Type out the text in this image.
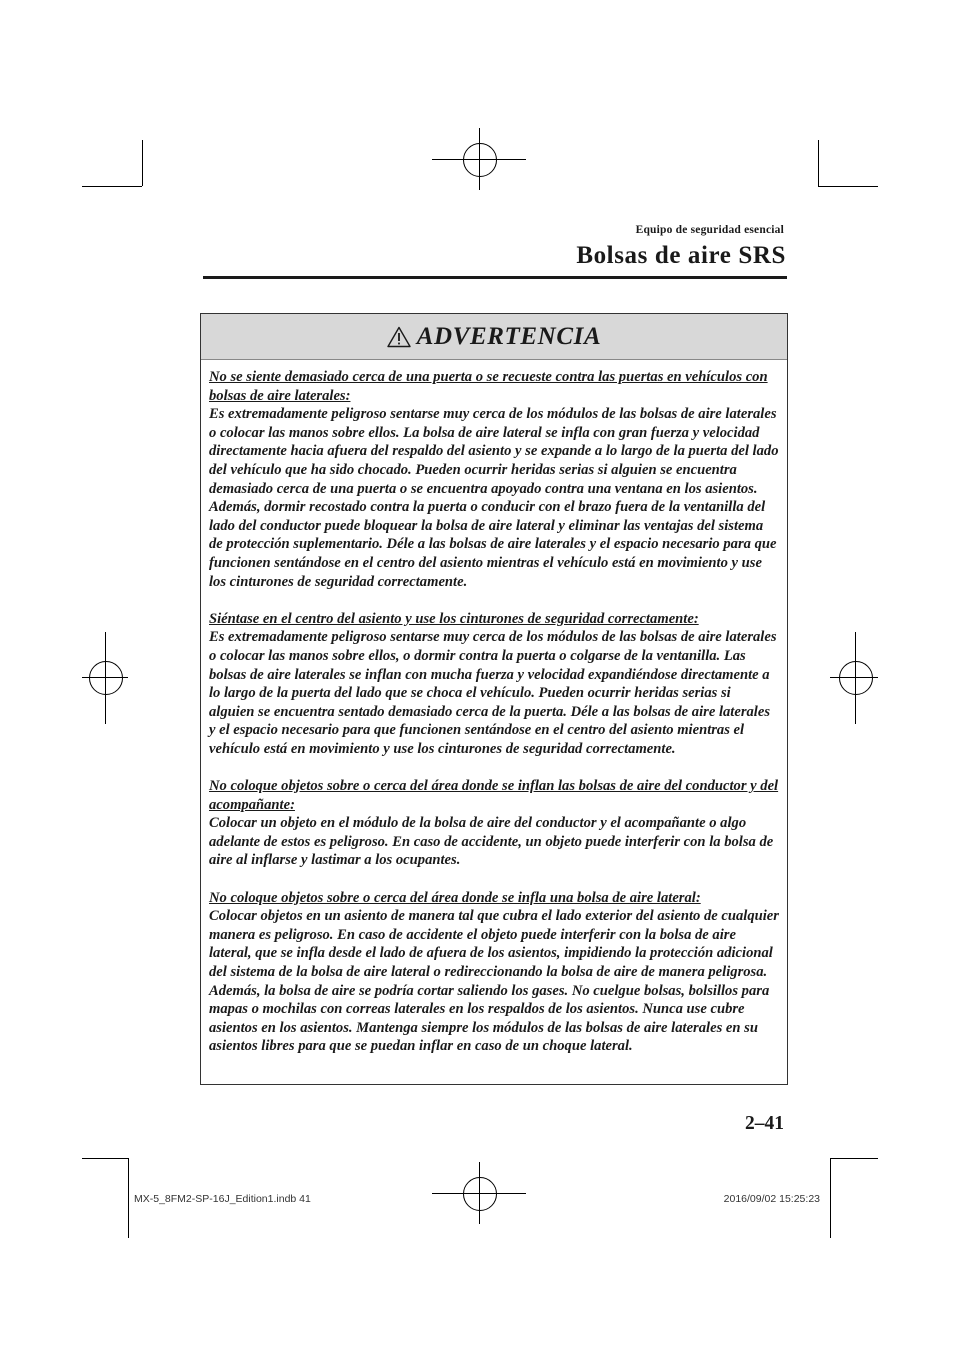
Equipo de seguridad esencial
Bolsas de aire SRS
ADVERTENCIA
No se siente demasiado cerca de una puerta o se recueste contra las puertas en vehículos con bolsas de aire laterales:

Es extremadamente peligroso sentarse muy cerca de los módulos de las bolsas de aire laterales o colocar las manos sobre ellos. La bolsa de aire lateral se infla con gran fuerza y velocidad directamente hacia afuera del respaldo del asiento y se expande a lo largo de la puerta del lado del vehículo que ha sido chocado. Pueden ocurrir heridas serias si alguien se encuentra demasiado cerca de una puerta o se encuentra apoyado contra una ventana en los asientos. Además, dormir recostado contra la puerta o conducir con el brazo fuera de la ventanilla del lado del conductor puede bloquear la bolsa de aire lateral y eliminar las ventajas del sistema de protección suplementario. Déle a las bolsas de aire laterales y el espacio necesario para que funcionen sentándose en el centro del asiento mientras el vehículo está en movimiento y use los cinturones de seguridad correctamente.

Siéntase en el centro del asiento y use los cinturones de seguridad correctamente:

Es extremadamente peligroso sentarse muy cerca de los módulos de las bolsas de aire laterales o colocar las manos sobre ellos, o dormir contra la puerta o colgarse de la ventanilla. Las bolsas de aire laterales se inflan con mucha fuerza y velocidad expandiéndose directamente a lo largo de la puerta del lado que se choca el vehículo. Pueden ocurrir heridas serias si alguien se encuentra sentado demasiado cerca de la puerta. Déle a las bolsas de aire laterales y el espacio necesario para que funcionen sentándose en el centro del asiento mientras el vehículo está en movimiento y use los cinturones de seguridad correctamente.

No coloque objetos sobre o cerca del área donde se inflan las bolsas de aire del conductor y del acompañante:

Colocar un objeto en el módulo de la bolsa de aire del conductor y el acompañante o algo adelante de estos es peligroso. En caso de accidente, un objeto puede interferir con la bolsa de aire al inflarse y lastimar a los ocupantes.

No coloque objetos sobre o cerca del área donde se infla una bolsa de aire lateral:

Colocar objetos en un asiento de manera tal que cubra el lado exterior del asiento de cualquier manera es peligroso. En caso de accidente el objeto puede interferir con la bolsa de aire lateral, que se infla desde el lado de afuera de los asientos, impidiendo la protección adicional del sistema de la bolsa de aire lateral o redireccionando la bolsa de aire de manera peligrosa. Además, la bolsa de aire se podría cortar saliendo los gases. No cuelgue bolsas, bolsillos para mapas o mochilas con correas laterales en los respaldos de los asientos. Nunca use cubre asientos en los asientos. Mantenga siempre los módulos de las bolsas de aire laterales en su asientos libres para que se puedan inflar en caso de un choque lateral.

2–41
MX-5_8FM2-SP-16J_Edition1.indb 41	2016/09/02 15:25:23
